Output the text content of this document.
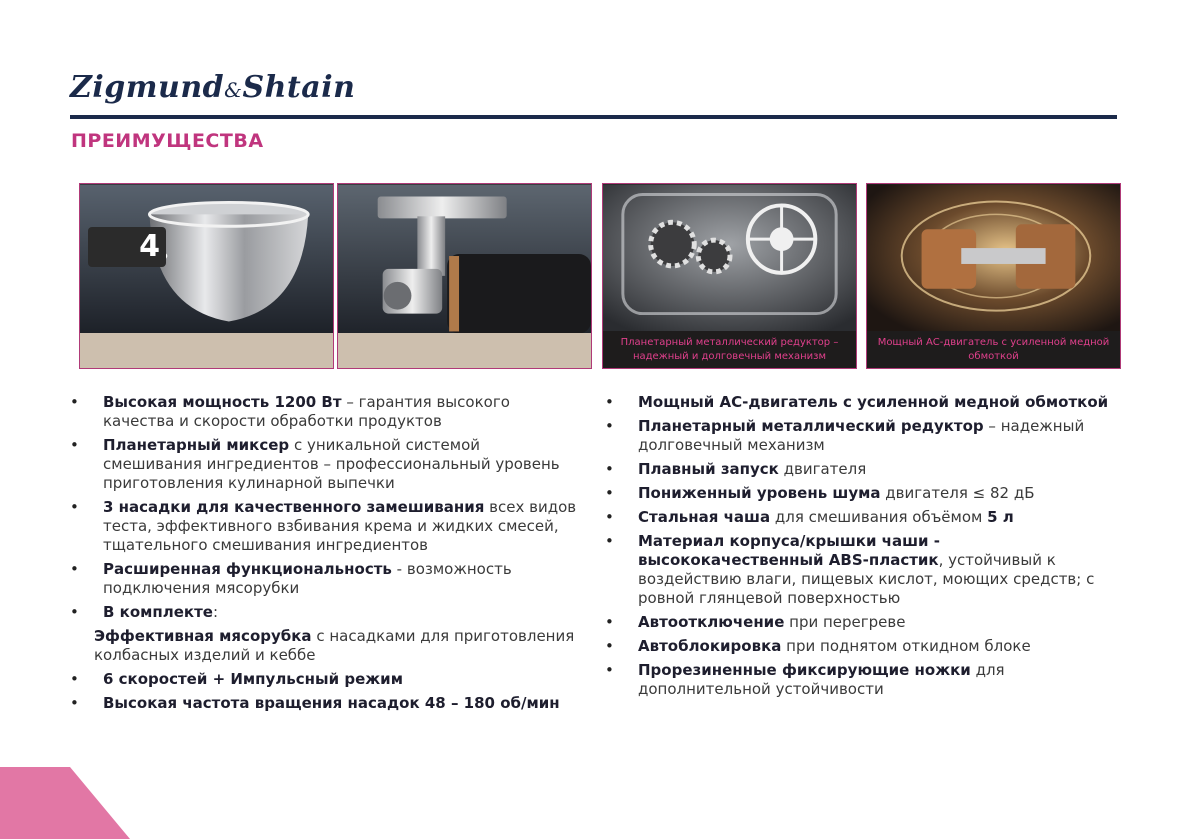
Zigmund&Shtain
ПРЕИМУЩЕСТВА
4
Планетарный металлический редуктор – надежный и долговечный механизм
Мощный АС-двигатель с усиленной медной обмоткой
• Высокая мощность 1200 Вт – гарантия высокого качества и скорости обработки продуктов
• Планетарный миксер с уникальной системой смешивания ингредиентов – профессиональный уровень приготовления кулинарной выпечки
• 3 насадки для качественного замешивания всех видов теста, эффективного взбивания крема и жидких смесей, тщательного смешивания ингредиентов
• Расширенная функциональность - возможность подключения мясорубки
• В комплекте:
Эффективная мясорубка с насадками для приготовления колбасных изделий и кеббе
• 6 скоростей + Импульсный режим
• Высокая частота вращения насадок 48 – 180 об/мин
• Мощный АС-двигатель с усиленной медной обмоткой
• Планетарный металлический редуктор – надежный долговечный механизм
• Плавный запуск двигателя
• Пониженный уровень шума двигателя ≤ 82 дБ
• Стальная чаша для смешивания объёмом 5 л
• Материал корпуса/крышки чаши - высококачественный ABS-пластик, устойчивый к воздействию влаги, пищевых кислот, моющих средств; с ровной глянцевой поверхностью
• Автоотключение при перегреве
• Автоблокировка при поднятом откидном блоке
• Прорезиненные фиксирующие ножки для дополнительной устойчивости
